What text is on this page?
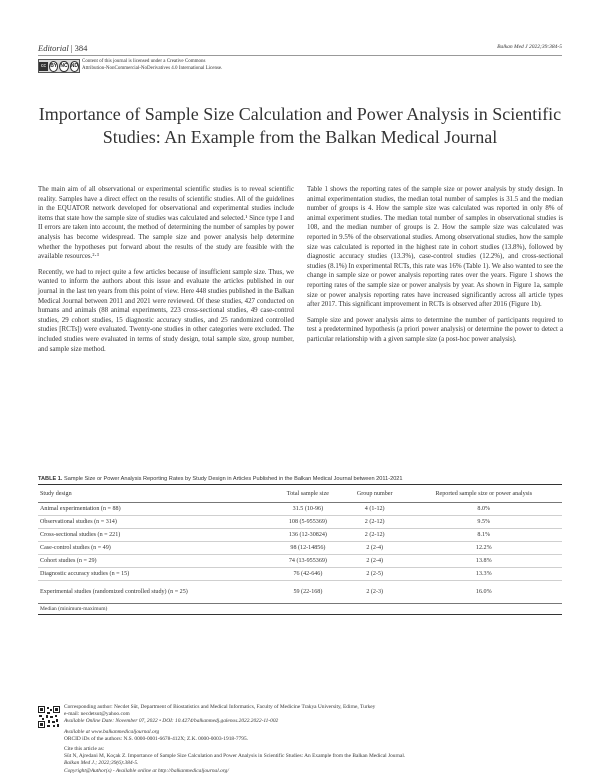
Editorial | 384	Balkan Med J 2022;39:384-5
cc BY NC ND
Content of this journal is licensed under a Creative Commons
Attribution-NonCommercial-NoDerivatives 4.0 International License.
Importance of Sample Size Calculation and Power Analysis in Scientific Studies: An Example from the Balkan Medical Journal

The main aim of all observational or experimental scientific studies is to reveal scientific reality. Samples have a direct effect on the results of scientific studies. All of the guidelines in the EQUATOR network developed for observational and experimental studies include items that state how the sample size of studies was calculated and selected.¹ Since type I and II errors are taken into account, the method of determining the number of samples by power analysis has become widespread. The sample size and power analysis help determine whether the hypotheses put forward about the results of the study are feasible with the available resources.²·³

Recently, we had to reject quite a few articles because of insufficient sample size. Thus, we wanted to inform the authors about this issue and evaluate the articles published in our journal in the last ten years from this point of view. Here 448 studies published in the Balkan Medical Journal between 2011 and 2021 were reviewed. Of these studies, 427 conducted on humans and animals (88 animal experiments, 223 cross-sectional studies, 49 case-control studies, 29 cohort studies, 15 diagnostic accuracy studies, and 25 randomized controlled studies [RCTs]) were evaluated. Twenty-one studies in other categories were excluded. The included studies were evaluated in terms of study design, total sample size, group number, and sample size method.

Table 1 shows the reporting rates of the sample size or power analysis by study design. In animal experimentation studies, the median total number of samples is 31.5 and the median number of groups is 4. How the sample size was calculated was reported in only 8% of animal experiment studies. The median total number of samples in observational studies is 108, and the median number of groups is 2. How the sample size was calculated was reported in 9.5% of the observational studies. Among observational studies, how the sample size was calculated is reported in the highest rate in cohort studies (13.8%), followed by diagnostic accuracy studies (13.3%), case-control studies (12.2%), and cross-sectional studies (8.1%) In experimental RCTs, this rate was 16% (Table 1). We also wanted to see the change in sample size or power analysis reporting rates over the years. Figure 1 shows the reporting rates of the sample size or power analysis by year. As shown in Figure 1a, sample size or power analysis reporting rates have increased significantly across all article types after 2017. This significant improvement in RCTs is observed after 2016 (Figure 1b).

Sample size and power analysis aims to determine the number of participants required to test a predetermined hypothesis (a priori power analysis) or determine the power to detect a particular relationship with a given sample size (a post-hoc power analysis).

TABLE 1. Sample Size or Power Analysis Reporting Rates by Study Design in Articles Published in the Balkan Medical Journal between 2011-2021
Study design	Total sample size	Group number	Reported sample size or power analysis
Animal experimentation (n = 88)	31.5 (10-96)	4 (1-12)	8.0%
Observational studies (n = 314)	108 (5-955369)	2 (2-12)	9.5%
Cross-sectional studies (n = 221)	136 (12-30824)	2 (2-12)	8.1%
Case-control studies (n = 49)	98 (12-14856)	2 (2-4)	12.2%
Cohort studies (n = 29)	74 (13-955369)	2 (2-4)	13.8%
Diagnostic accuracy studies (n = 15)	76 (42-646)	2 (2-5)	13.3%
Experimental studies (randomized controlled study) (n = 25)	59 (22-168)	2 (2-3)	16.0%
Median (minimum-maximum)			
Corresponding author: Necdet Süt, Department of Biostatistics and Medical Informatics, Faculty of Medicine Trakya University, Edirne, Turkey
e-mail: necdetsut@yahoo.com
Available Online Date: November 07, 2022 • DOI: 10.4274/balkanmedj.galenos.2022.2022-11-002
Available at www.balkanmedicaljournal.org
ORCID iDs of the authors: N.S. 0000-0001-6678-412X; Z.K. 0000-0003-1918-7795.
Cite this article as:
Süt N, Ajredani M, Koçak Z. Importance of Sample Size Calculation and Power Analysis in Scientific Studies: An Example from the Balkan Medical Journal.
Balkan Med J.; 2022;39(6):384-5.
Copyright@Author(s) - Available online at http://balkanmedicaljournal.org/
